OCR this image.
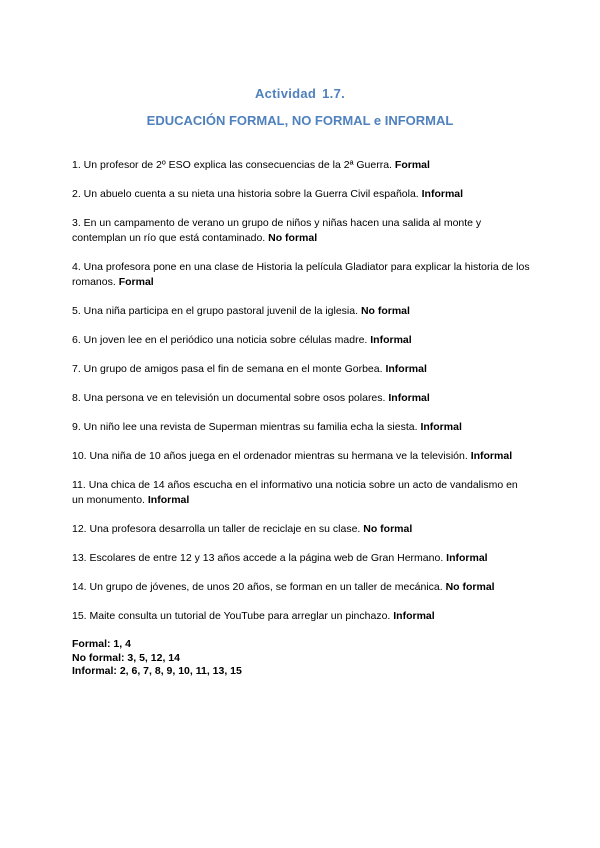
Actividad 1.7.
EDUCACIÓN FORMAL, NO FORMAL e INFORMAL
1. Un profesor de 2º ESO explica las consecuencias de la 2ª Guerra. Formal
2. Un abuelo cuenta a su nieta una historia sobre la Guerra Civil española. Informal
3. En un campamento de verano un grupo de niños y niñas hacen una salida al monte y contemplan un río que está contaminado. No formal
4. Una profesora pone en una clase de Historia la película Gladiator para explicar la historia de los romanos. Formal
5. Una niña participa en el grupo pastoral juvenil de la iglesia. No formal
6. Un joven lee en el periódico una noticia sobre células madre. Informal
7. Un grupo de amigos pasa el fin de semana en el monte Gorbea. Informal
8. Una persona ve en televisión un documental sobre osos polares. Informal
9. Un niño lee una revista de Superman mientras su familia echa la siesta. Informal
10. Una niña de 10 años juega en el ordenador mientras su hermana ve la televisión. Informal
11. Una chica de 14 años escucha en el informativo una noticia sobre un acto de vandalismo en un monumento. Informal
12. Una profesora desarrolla un taller de reciclaje en su clase. No formal
13. Escolares de entre 12 y 13 años accede a la página web de Gran Hermano. Informal
14. Un grupo de jóvenes, de unos 20 años, se forman en un taller de mecánica. No formal
15. Maite consulta un tutorial de YouTube para arreglar un pinchazo. Informal
Formal: 1, 4
No formal: 3, 5, 12, 14
Informal: 2, 6, 7, 8, 9, 10, 11, 13, 15
